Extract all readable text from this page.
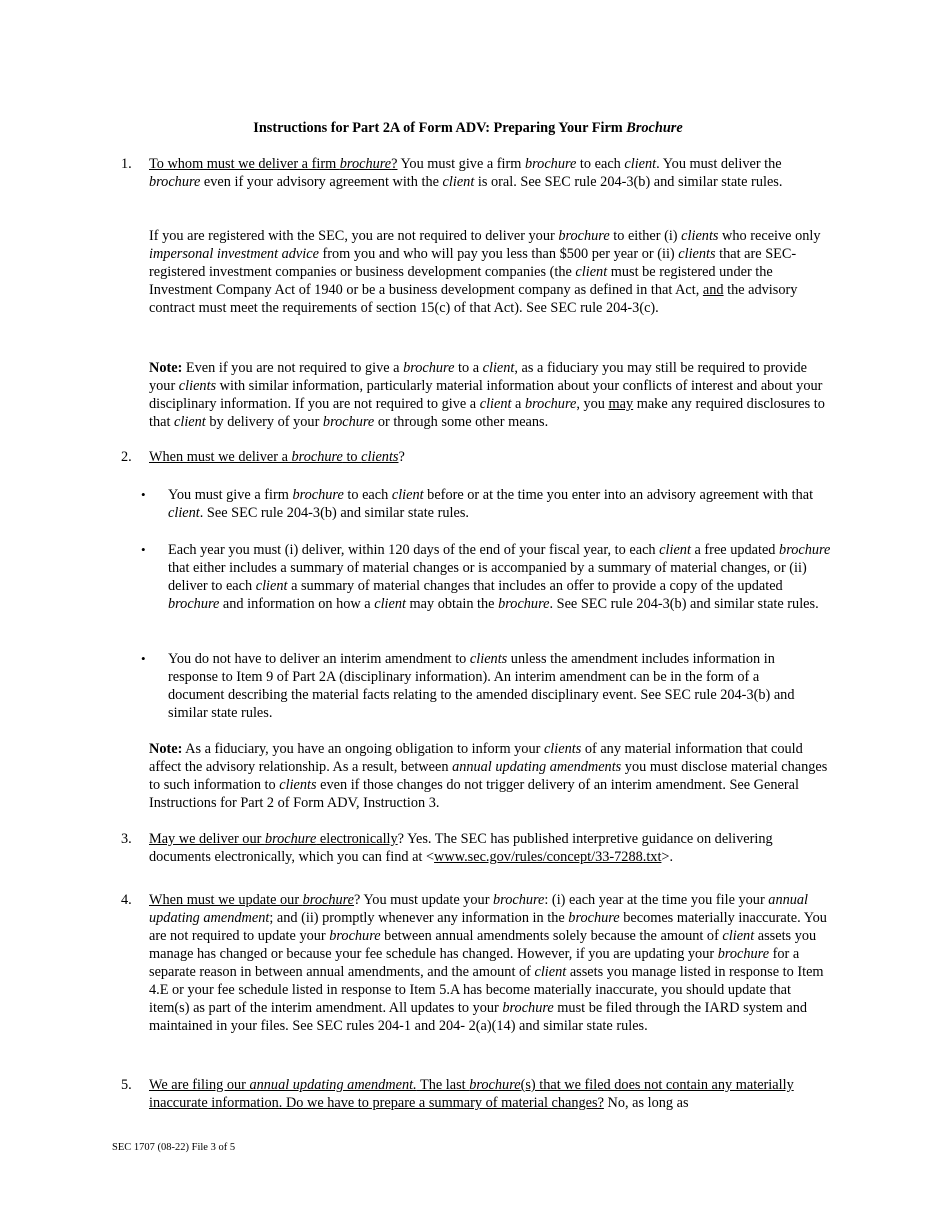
Instructions for Part 2A of Form ADV: Preparing Your Firm Brochure
1. To whom must we deliver a firm brochure? You must give a firm brochure to each client. You must deliver the brochure even if your advisory agreement with the client is oral. See SEC rule 204-3(b) and similar state rules.

If you are registered with the SEC, you are not required to deliver your brochure to either (i) clients who receive only impersonal investment advice from you and who will pay you less than $500 per year or (ii) clients that are SEC-registered investment companies or business development companies (the client must be registered under the Investment Company Act of 1940 or be a business development company as defined in that Act, and the advisory contract must meet the requirements of section 15(c) of that Act). See SEC rule 204-3(c).

Note: Even if you are not required to give a brochure to a client, as a fiduciary you may still be required to provide your clients with similar information, particularly material information about your conflicts of interest and about your disciplinary information. If you are not required to give a client a brochure, you may make any required disclosures to that client by delivery of your brochure or through some other means.

2. When must we deliver a brochure to clients?

• You must give a firm brochure to each client before or at the time you enter into an advisory agreement with that client. See SEC rule 204-3(b) and similar state rules.

• Each year you must (i) deliver, within 120 days of the end of your fiscal year, to each client a free updated brochure that either includes a summary of material changes or is accompanied by a summary of material changes, or (ii) deliver to each client a summary of material changes that includes an offer to provide a copy of the updated brochure and information on how a client may obtain the brochure. See SEC rule 204-3(b) and similar state rules.

• You do not have to deliver an interim amendment to clients unless the amendment includes information in response to Item 9 of Part 2A (disciplinary information). An interim amendment can be in the form of a document describing the material facts relating to the amended disciplinary event. See SEC rule 204-3(b) and similar state rules.

Note: As a fiduciary, you have an ongoing obligation to inform your clients of any material information that could affect the advisory relationship. As a result, between annual updating amendments you must disclose material changes to such information to clients even if those changes do not trigger delivery of an interim amendment. See General Instructions for Part 2 of Form ADV, Instruction 3.

3. May we deliver our brochure electronically? Yes. The SEC has published interpretive guidance on delivering documents electronically, which you can find at <www.sec.gov/rules/concept/33-7288.txt>.

4. When must we update our brochure? You must update your brochure: (i) each year at the time you file your annual updating amendment; and (ii) promptly whenever any information in the brochure becomes materially inaccurate. You are not required to update your brochure between annual amendments solely because the amount of client assets you manage has changed or because your fee schedule has changed. However, if you are updating your brochure for a separate reason in between annual amendments, and the amount of client assets you manage listed in response to Item 4.E or your fee schedule listed in response to Item 5.A has become materially inaccurate, you should update that item(s) as part of the interim amendment. All updates to your brochure must be filed through the IARD system and maintained in your files. See SEC rules 204-1 and 204- 2(a)(14) and similar state rules.

5. We are filing our annual updating amendment. The last brochure(s) that we filed does not contain any materially inaccurate information. Do we have to prepare a summary of material changes? No, as long as

SEC 1707 (08-22) File 3 of 5
